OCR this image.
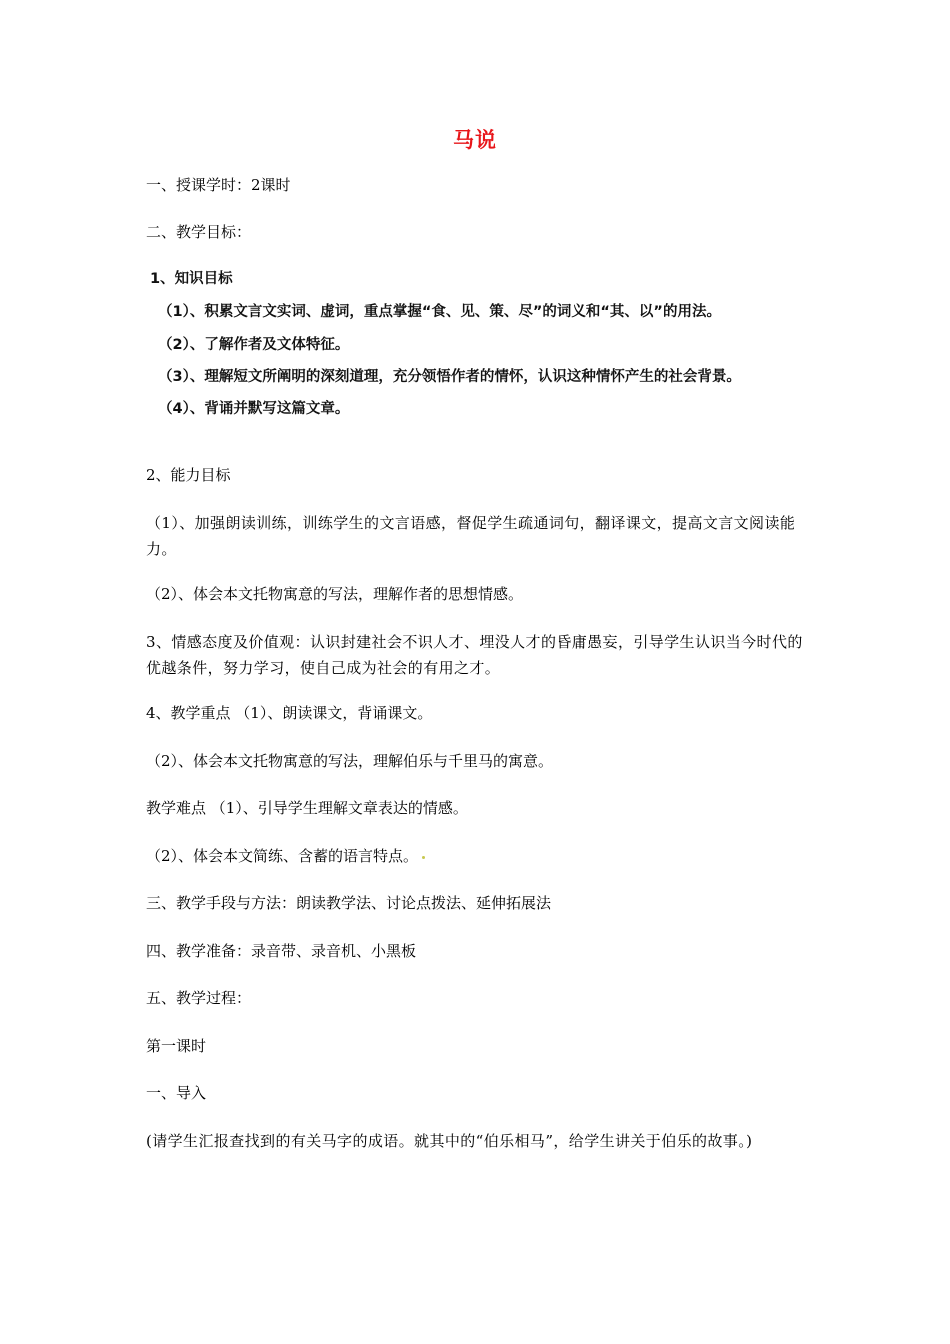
马说
一、授课学时：2课时
二、教学目标：
1、知识目标
（1）、积累文言文实词、虚词，重点掌握“食、见、策、尽”的词义和“其、以”的用法。
（2）、了解作者及文体特征。
（3）、理解短文所阐明的深刻道理，充分领悟作者的情怀，认识这种情怀产生的社会背景。
（4）、背诵并默写这篇文章。
2、能力目标
（1）、加强朗读训练，训练学生的文言语感，督促学生疏通词句，翻译课文，提高文言文阅读能力。
（2）、体会本文托物寓意的写法，理解作者的思想情感。
3、情感态度及价值观：认识封建社会不识人才、埋没人才的昏庸愚妄，引导学生认识当今时代的优越条件，努力学习，使自己成为社会的有用之才。
4、教学重点 （1）、朗读课文，背诵课文。
（2）、体会本文托物寓意的写法，理解伯乐与千里马的寓意。
教学难点 （1）、引导学生理解文章表达的情感。
（2）、体会本文简练、含蓄的语言特点。
三、教学手段与方法：朗读教学法、讨论点拨法、延伸拓展法
四、教学准备：录音带、录音机、小黑板
五、教学过程：
第一课时
一、导入
(请学生汇报查找到的有关马字的成语。就其中的“伯乐相马”，给学生讲关于伯乐的故事。)
